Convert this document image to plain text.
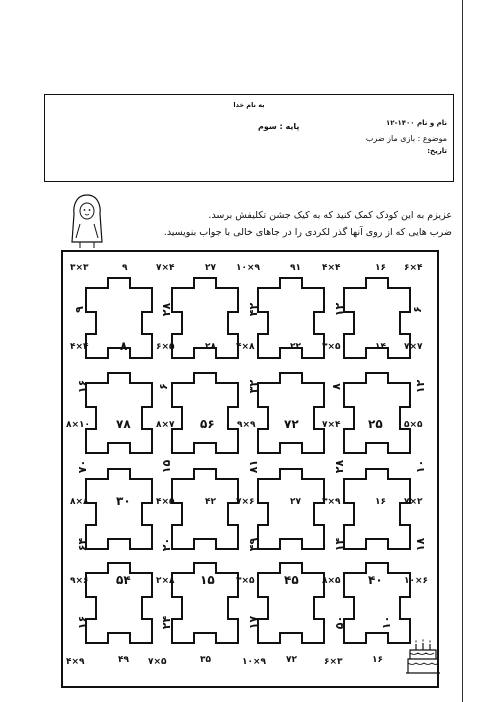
به نام خدا
نام و نام ۱۴۰۰-۱۲
پایه : سوم
موضوع : بازی ماز ضرب
تاریخ:
عزیزم به این کودک کمک کنید که به کیک جشن تکلیفش برسد.
ضرب هایی که از روی آنها گذر لکردی را در جاهای خالی با جواب بنویسید.
۳×۳	۹	۷×۴	۲۷ ۱۰×۹	۹۱ ۴×۴	۱۶ ۶×۴
۹	۲۸	۴۲	۱۲	۶
۴×۴	۸	۶×۵	۲۸ ۴×۸	۲۲ ۳×۵	۱۴ ۷×۷
۱۶	۶	۳۲	۸	۱۲
۸×۱۰ ۷۸	۸×۷ ۵۶ ۹×۹ ۷۲	۷×۴ ۲۵ ۵×۵
۷۰	۱۵	۸۱	۲۸	۱۰
۸×۸ ۳۰	۴×۵	۴۲ ۷×۶	۲۷ ۳×۹	۱۶ ۷×۲
۶۴	۲۰	۴۹	۱۴	۱۸
۹×۶ ۵۴	۲×۸ ۱۵ ۳×۵ ۴۵	۸×۵ ۴۰ ۱۰×۶
۱۶	۲۴	۱۷	۵۰	۱۰
۴×۹	۴۹ ۷×۵	۳۵	۱۰×۹ ۷۲	۶×۳	۱۶
